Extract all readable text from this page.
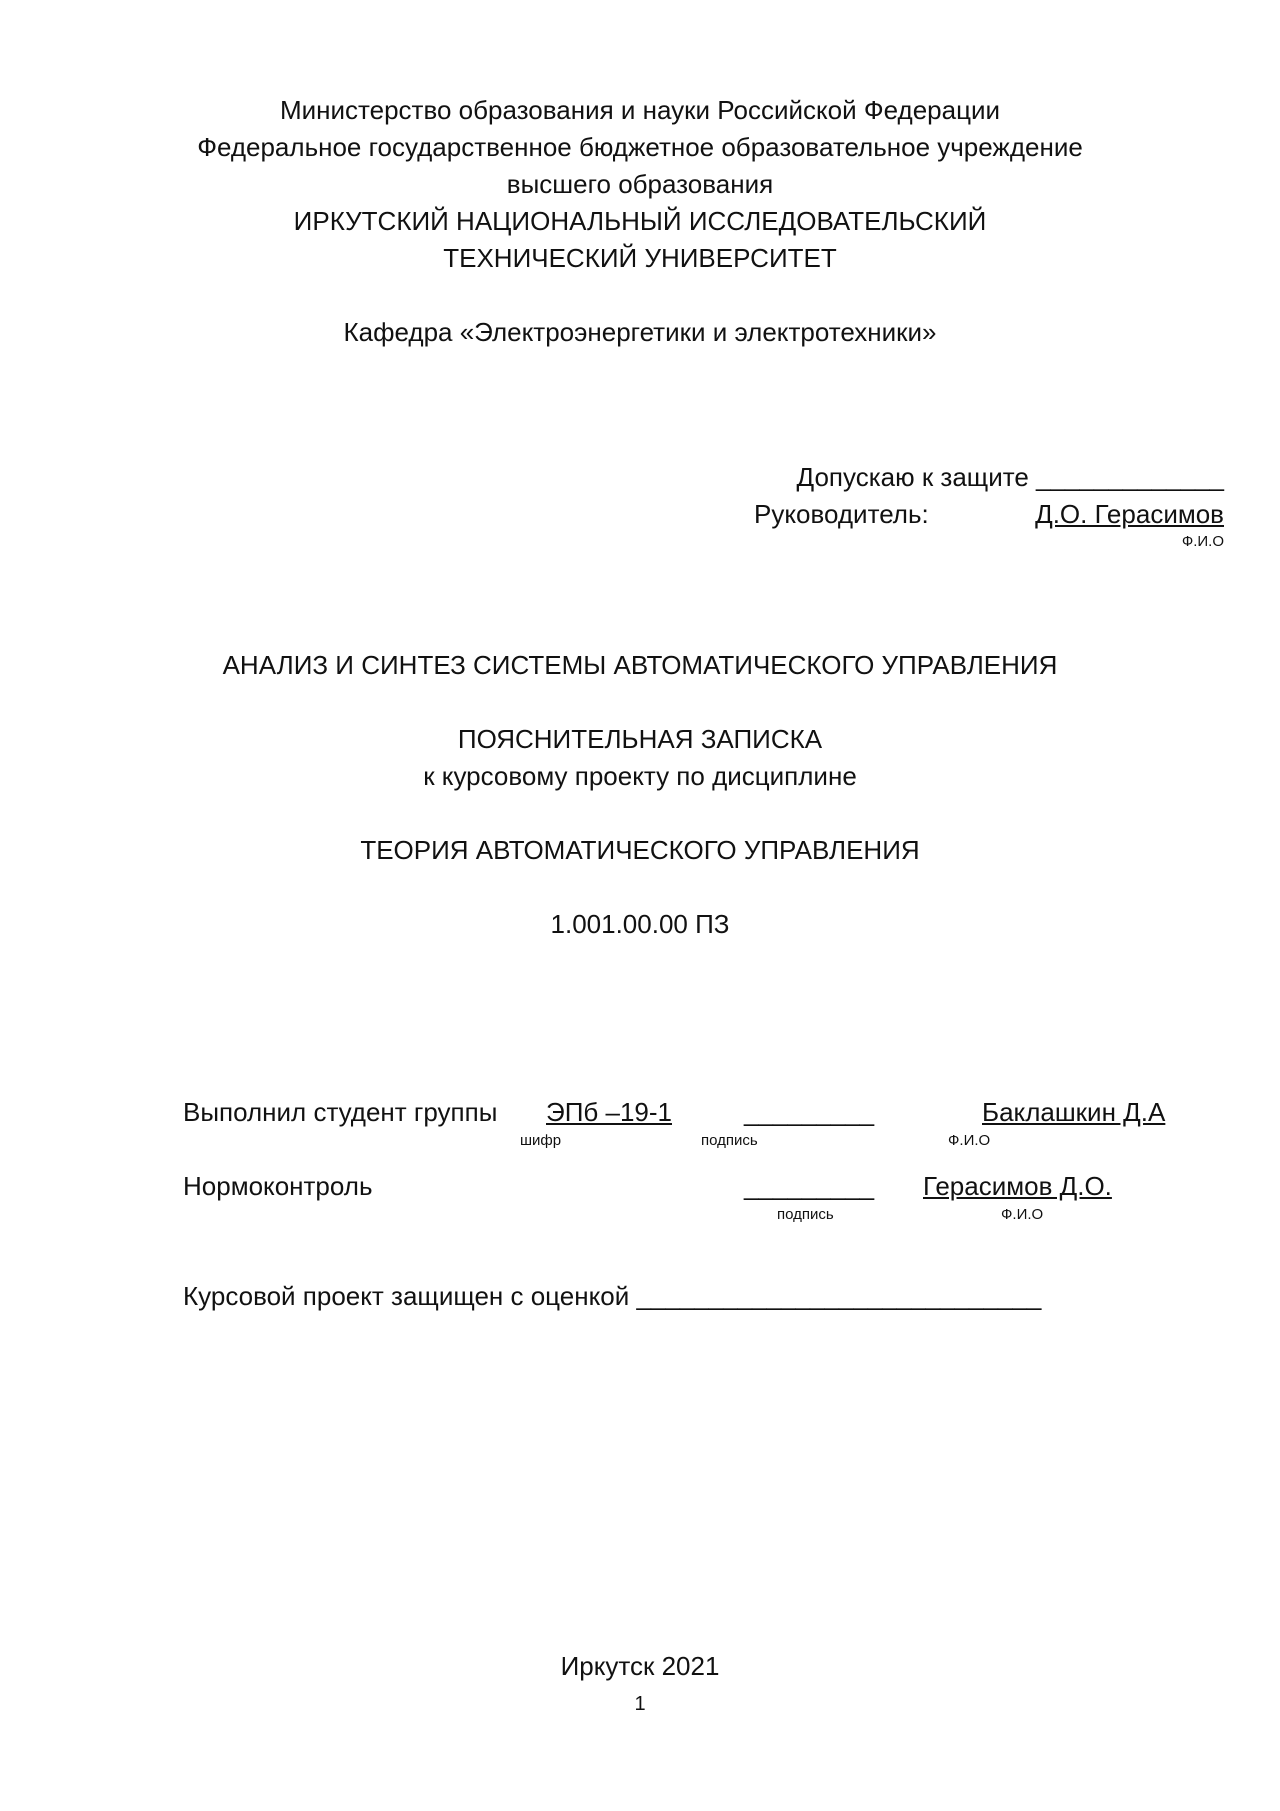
Министерство образования и науки Российской Федерации
Федеральное государственное бюджетное образовательное учреждение
высшего образования
ИРКУТСКИЙ НАЦИОНАЛЬНЫЙ ИССЛЕДОВАТЕЛЬСКИЙ
ТЕХНИЧЕСКИЙ УНИВЕРСИТЕТ
Кафедра «Электроэнергетики и электротехники»
Допускаю к защите _____________
Руководитель:	Д.О. Герасимов
Ф.И.О
АНАЛИЗ И СИНТЕЗ СИСТЕМЫ АВТОМАТИЧЕСКОГО УПРАВЛЕНИЯ
ПОЯСНИТЕЛЬНАЯ ЗАПИСКА
к курсовому проекту по дисциплине
ТЕОРИЯ АВТОМАТИЧЕСКОГО УПРАВЛЕНИЯ
1.001.00.00 ПЗ
Выполнил студент группы ЭПб –19-1	_________	Баклашкин Д.А
шифр	подпись	Ф.И.О
Нормоконтроль	_________ Герасимов Д.О.
подпись	Ф.И.О
Курсовой проект защищен с оценкой ____________________________
Иркутск 2021
1
